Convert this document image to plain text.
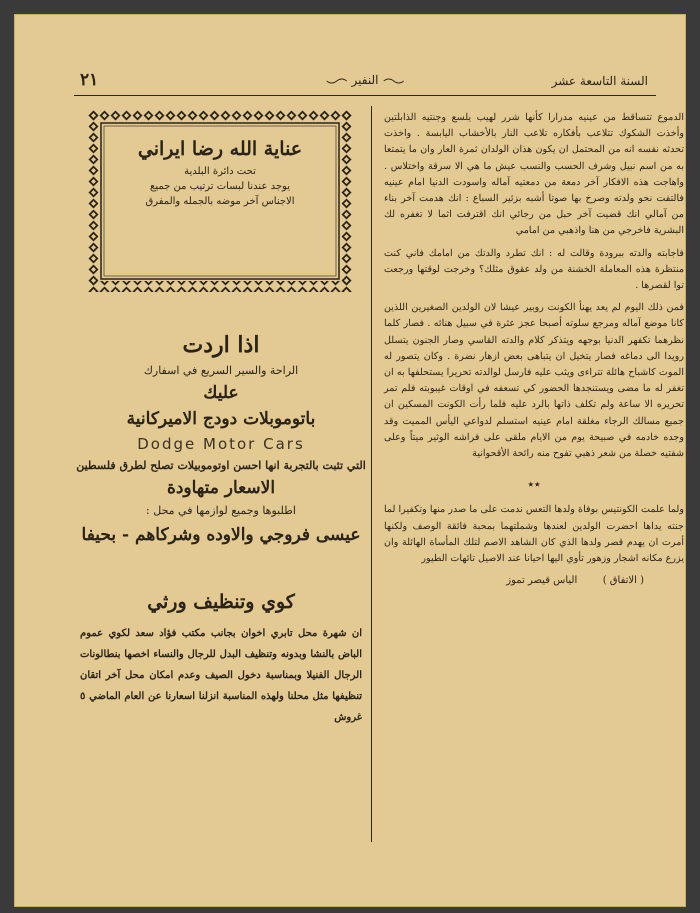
السنة التاسعة عشر
النفير
٢١

الدموع تتساقط من عينيه مدرارا كأنها شرر لهيب يلسع وجنتيه الذابلتين وأخذت الشكوك تتلاعب بأفكاره تلاعب النار بالأخشاب اليابسة . واخذت تحدثه نفسه انه من المحتمل ان يكون هذان الولدان ثمرة العار وان ما يتمتعا به من اسم نبيل وشرف الحسب والنسب عيش ما هي الا سرقة واختلاس . واهاجت هذه الافكار آخر دمعة من دمعتيه آماله واسودت الدنيا امام عينيه فالتفت نحو ولدته وصرخ بها صوتا أشبه بزئير السباع : انك هدمت آخر بناء من آمالي انك قضيت آخر حبل من رجائي انك اقترفت اثما لا تغفره لك البشرية فاخرجي من هنا واذهبي من امامي

فاجابته والدته ببرودة وقالت له : انك تطرد والدتك من امامك فاني كنت منتظرة هذه المعاملة الخشنة من ولد عقوق مثلك؟ وخرجت لوقتها ورجعت توا لقصرها .

فمن ذلك اليوم لم يعد يهنأ الكونت روبير عيشا لان الولدين الصغيرين اللذين كانا موضع آماله ومرجع سلوته أصبحا عجز عثرة في سبيل هنائه . فصار كلما نظرهما تكفهر الدنيا بوجهه ويتذكر كلام والدته القاسي وصار الجنون يتسلل رويدا الى دماغه فصار يتخيل ان يتباهى بعض ازهار نضرة . وكان يتصور له الموت كاشباح هائلة تتراءى ويثب عليه فارسل لوالدته تحريرا يستحلفها به ان تغفر له ما مضى ويستنجدها الحضور كي تسعفه في اوقات غيبوبته فلم تمر تحريره الا ساعة ولم تكلف ذاتها بالرد عليه فلما رأت الكونت المسكين ان جميع مسالك الرجاء مغلقة امام عينيه استسلم لدواعي اليأس المميت وقد وجده خادمه في صبيحة يوم من الايام ملقى على فراشه الوثير ميتاً وعلى شفتيه خصلة من شعر ذهبي تفوح منه رائحة الأقحوانية

٭٭

ولما علمت الكونتيس بوفاة ولدها التعس ندمت على ما صدر منها وتكفيرا لما جنته يداها احضرت الولدين لعندها وشملتهما بمحبة فائقة الوصف ولكنها أمرت ان يهدم قصر ولدها الذي كان الشاهد الاصم لتلك المأساة الهائلة وان يزرع مكانه اشجار وزهور تأوي اليها احيانا عند الاصيل تائهات الطيور

( الاتفاق )        الياس قيصر تموز
عناية الله رضا ايراني
تحت دائرة البلدية
يوجد عندنا لبسات ترتيب من جميع
الاجناس آخر موضه بالجمله والمفرق
اذا اردت
الراحة والسير السريع في اسفارك
عليك
باتوموبلات دودج الاميركانية
Dodge Motor Cars
التي تثبت بالتجربة انها احسن اوتوموبيلات تصلح لطرق فلسطين
الاسعار متهاودة
اطلبوها وجميع لوازمها في محل :
عيسى فروجي والاوده وشركاهم - بحيفا
كوي وتنظيف ورثي
ان شهرة محل تابري اخوان بجانب مكتب فؤاد سعد لكوي عموم الباض بالنشا وبدونه وتنظيف البدل للرجال والنساء اخصها بنطالونات الرجال الفنيلا وبمناسبة دخول الصيف وعدم امكان محل آخر اتقان تنظيفها مثل محلنا ولهذه المناسبة انزلنا اسعارنا عن العام الماضي ٥ غروش
